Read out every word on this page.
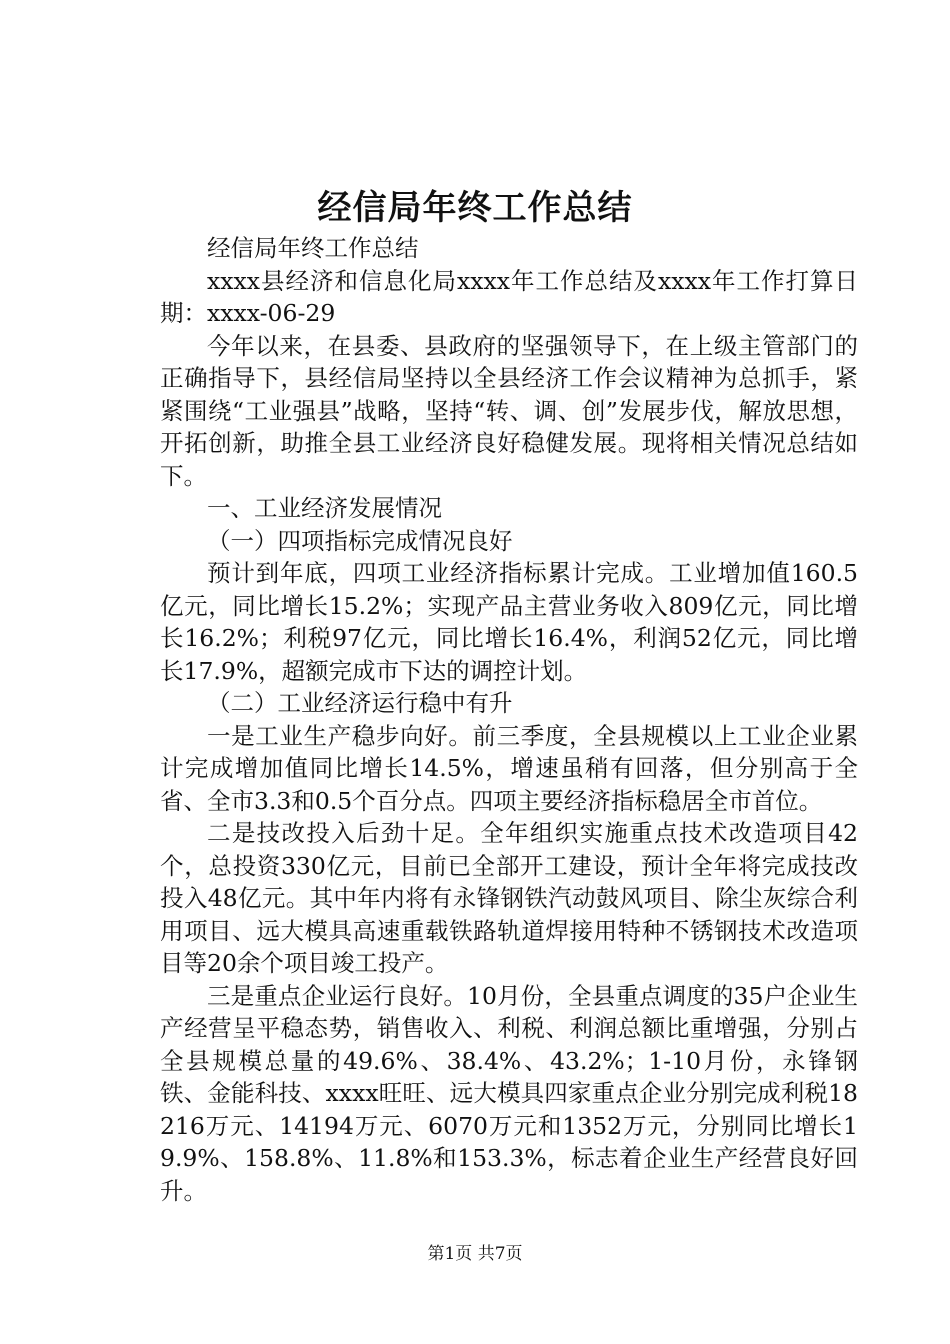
经信局年终工作总结

经信局年终工作总结

xxxx县经济和信息化局xxxx年工作总结及xxxx年工作打算日期：xxxx-06-29

今年以来，在县委、县政府的坚强领导下，在上级主管部门的正确指导下，县经信局坚持以全县经济工作会议精神为总抓手，紧紧围绕“工业强县”战略，坚持“转、调、创”发展步伐，解放思想，开拓创新，助推全县工业经济良好稳健发展。现将相关情况总结如下。

一、工业经济发展情况

（一）四项指标完成情况良好

预计到年底，四项工业经济指标累计完成。工业增加值160.5亿元，同比增长15.2%；实现产品主营业务收入809亿元，同比增长16.2%；利税97亿元，同比增长16.4%，利润52亿元，同比增长17.9%，超额完成市下达的调控计划。

（二）工业经济运行稳中有升

一是工业生产稳步向好。前三季度，全县规模以上工业企业累计完成增加值同比增长14.5%，增速虽稍有回落，但分别高于全省、全市3.3和0.5个百分点。四项主要经济指标稳居全市首位。

二是技改投入后劲十足。全年组织实施重点技术改造项目42个，总投资330亿元，目前已全部开工建设，预计全年将完成技改投入48亿元。其中年内将有永锋钢铁汽动鼓风项目、除尘灰综合利用项目、远大模具高速重载铁路轨道焊接用特种不锈钢技术改造项目等20余个项目竣工投产。

三是重点企业运行良好。10月份，全县重点调度的35户企业生产经营呈平稳态势，销售收入、利税、利润总额比重增强，分别占全县规模总量的49.6%、38.4%、43.2%；1-10月份，永锋钢铁、金能科技、xxxx旺旺、远大模具四家重点企业分别完成利税18216万元、14194万元、6070万元和1352万元，分别同比增长19.9%、158.8%、11.8%和153.3%，标志着企业生产经营良好回升。

第1页 共7页
